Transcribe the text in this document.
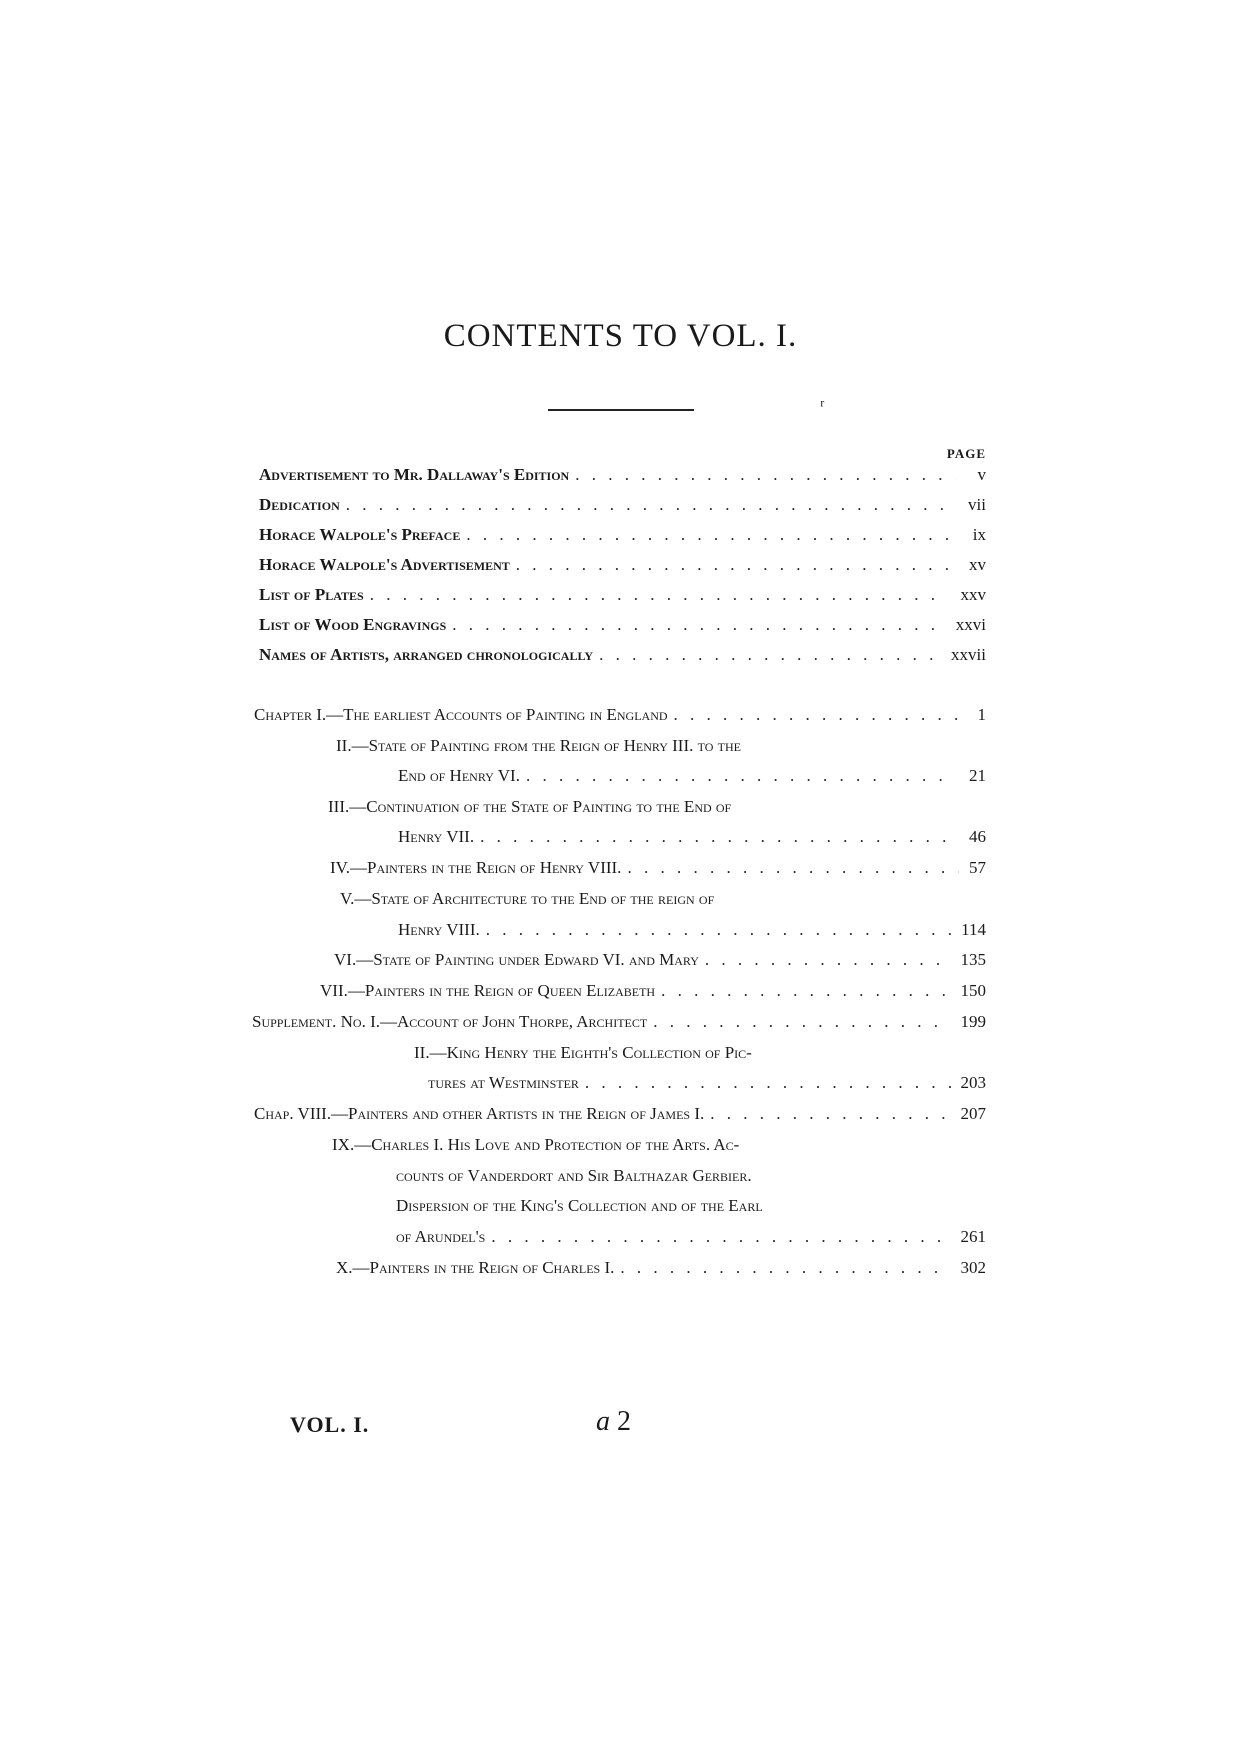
CONTENTS TO VOL. I.
ʳ
PAGE
Advertisement to Mr. Dallaway's Edition . . .	v
Dedication . . .	vii
Horace Walpole's Preface . . .	ix
Horace Walpole's Advertisement . . .	xv
List of Plates . . .	xxv
List of Wood Engravings . . .	xxvi
Names of Artists, arranged chronologically . . .	xxvii
Chapter I.—The earliest Accounts of Painting in England . . .	1
II.—State of Painting from the Reign of Henry III. to the
End of Henry VI. . . .	21
III.—Continuation of the State of Painting to the End of
Henry VII. . . .	46
IV.—Painters in the Reign of Henry VIII. . . .	57
V.—State of Architecture to the End of the reign of
Henry VIII. . . .	114
VI.—State of Painting under Edward VI. and Mary . . .	135
VII.—Painters in the Reign of Queen Elizabeth . . .	150
Supplement. No. I.—Account of John Thorpe, Architect . . .	199
II.—King Henry the Eighth's Collection of Pic-
tures at Westminster . . .	203
Chap. VIII.—Painters and other Artists in the Reign of James I. . . .	207
IX.—Charles I. His Love and Protection of the Arts. Ac-
counts of Vanderdort and Sir Balthazar Gerbier.
Dispersion of the King's Collection and of the Earl
of Arundel's . . .	261
X.—Painters in the Reign of Charles I. . . .	302
VOL. I.	a 2
